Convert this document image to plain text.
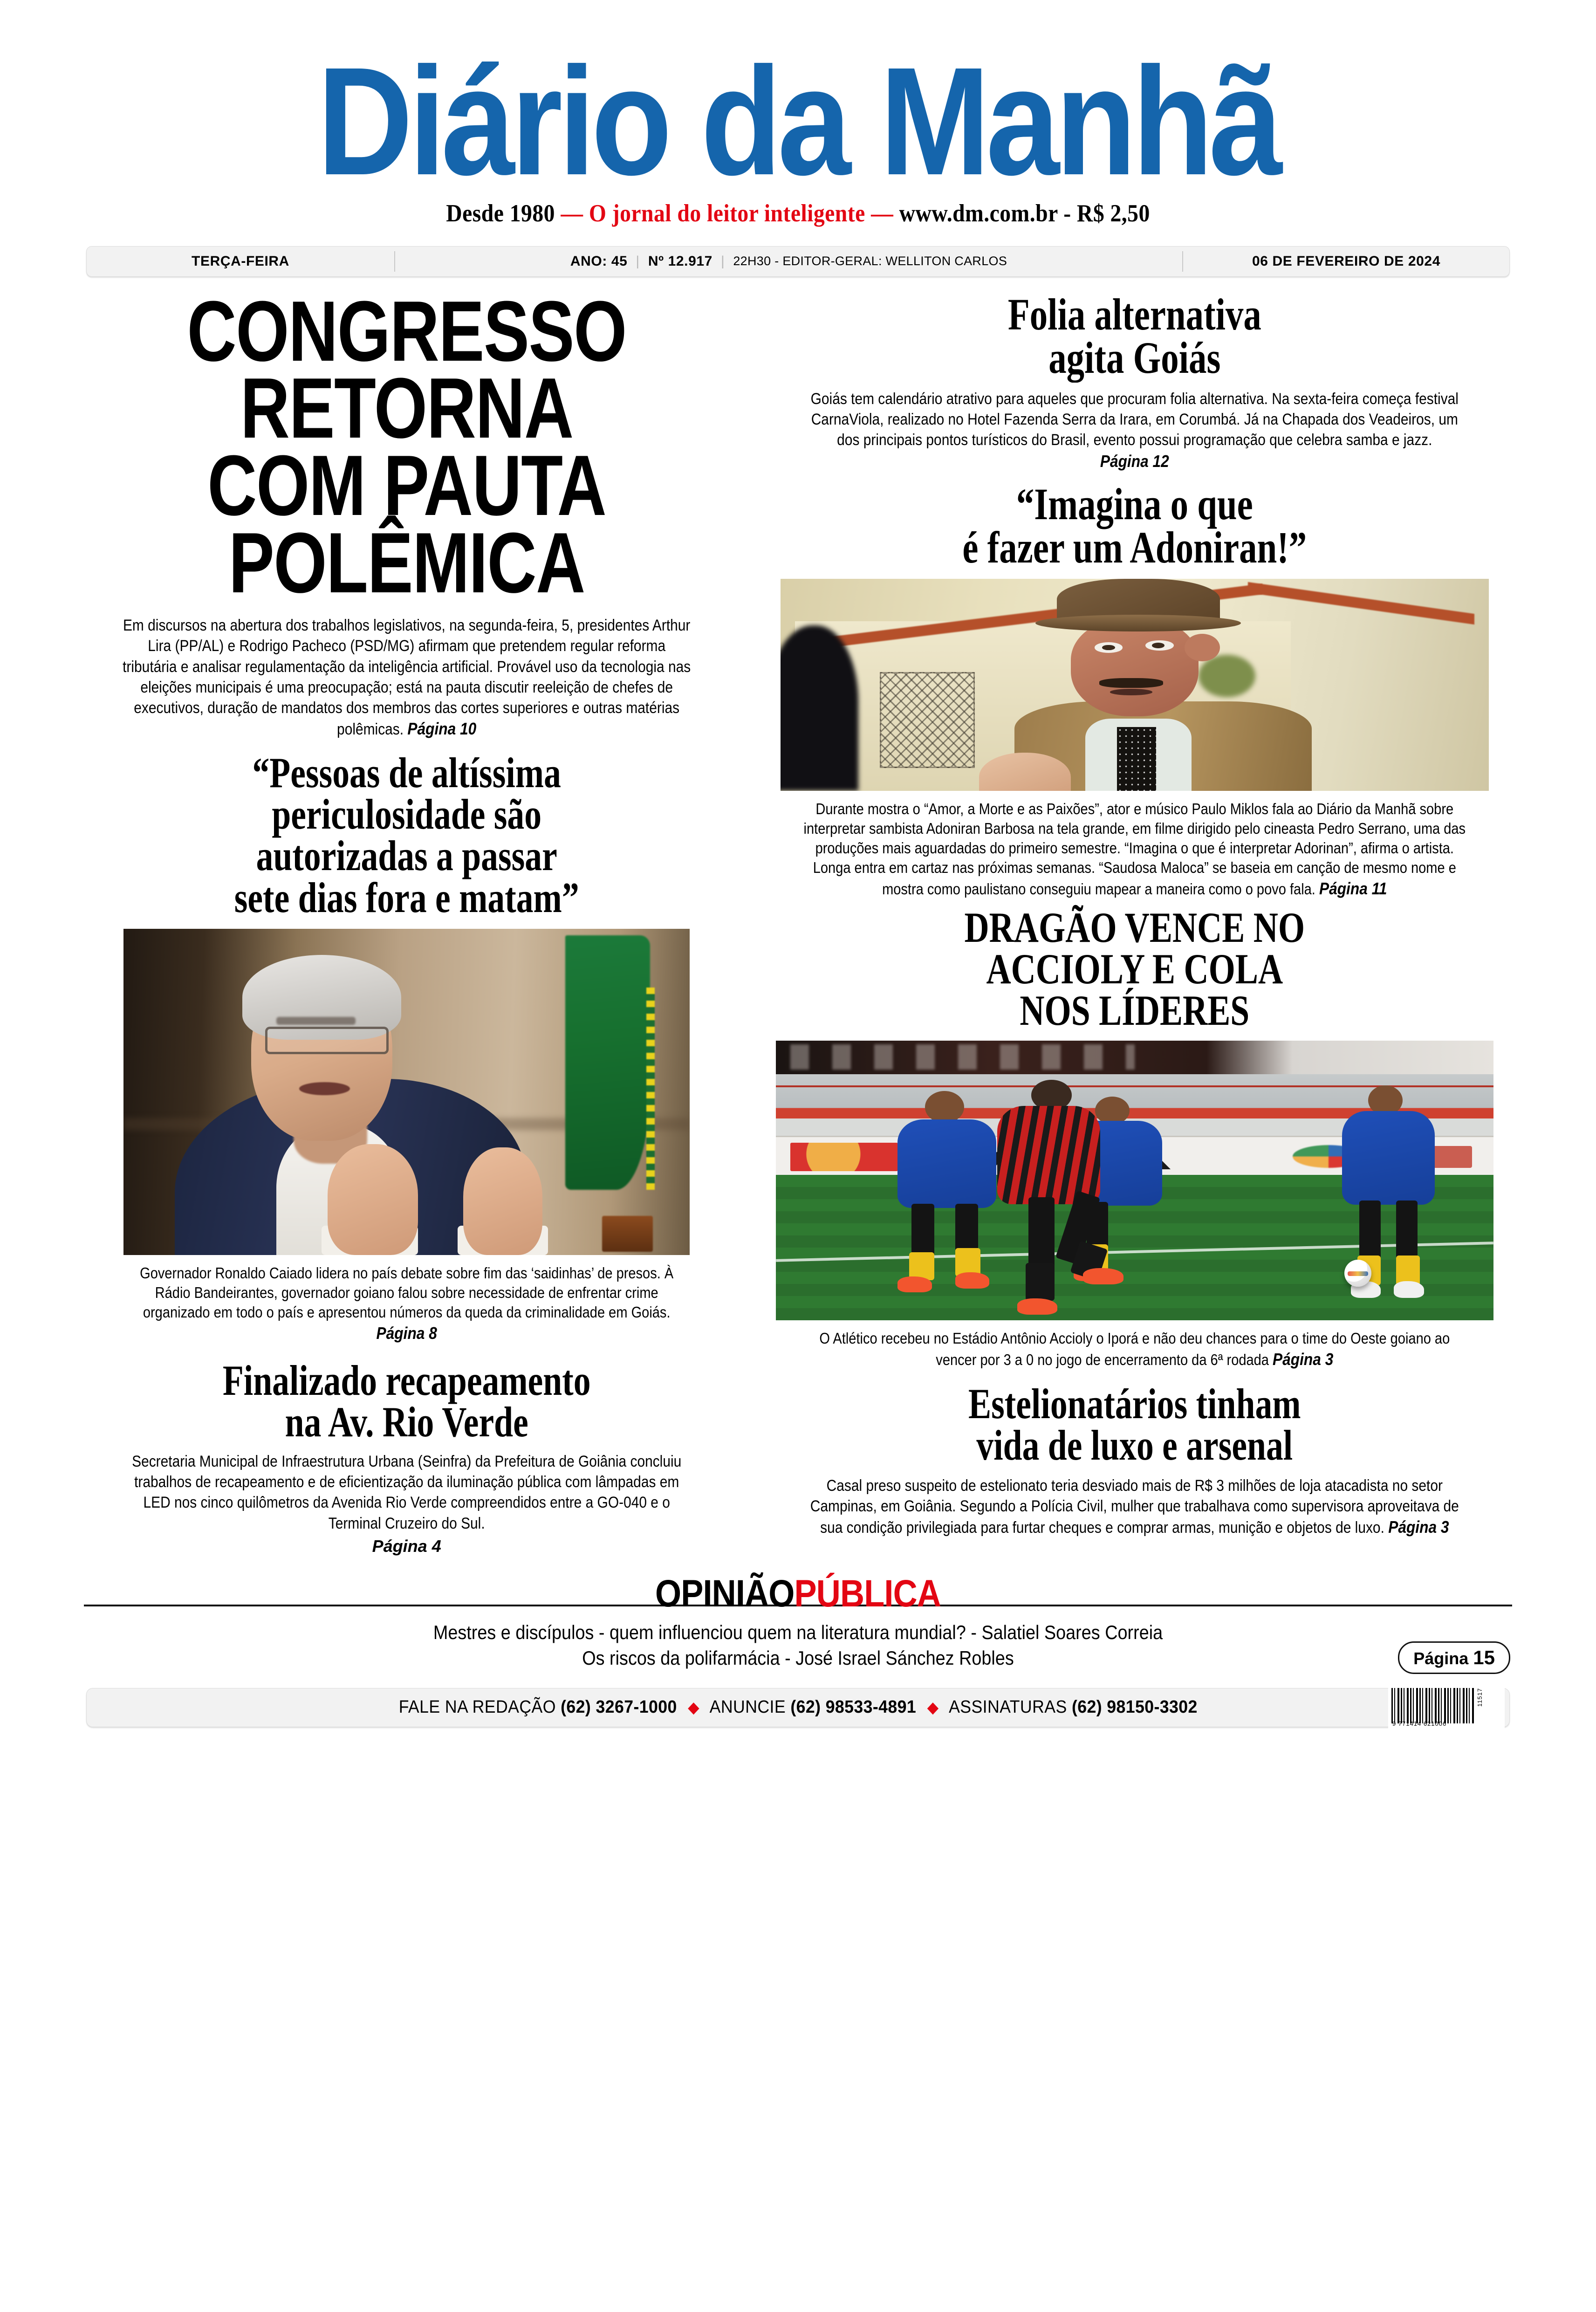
Diário da Manhã
Desde 1980 — O jornal do leitor inteligente — www.dm.com.br - R$ 2,50
TERÇA-FEIRA	ANO: 45 | Nº 12.917 | 22H30 - EDITOR-GERAL: WELLITON CARLOS	06 DE FEVEREIRO DE 2024
CONGRESSO
RETORNA
COM PAUTA
POLÊMICA

Em discursos na abertura dos trabalhos legislativos, na segunda-feira, 5, presidentes Arthur Lira (PP/AL) e Rodrigo Pacheco (PSD/MG) afirmam que pretendem regular reforma tributária e analisar regulamentação da inteligência artificial. Provável uso da tecnologia nas eleições municipais é uma preocupação; está na pauta discutir reeleição de chefes de executivos, duração de mandatos dos membros das cortes superiores e outras matérias polêmicas. Página 10

“Pessoas de altíssima
periculosidade são
autorizadas a passar
sete dias fora e matam”

Governador Ronaldo Caiado lidera no país debate sobre fim das ‘saidinhas’ de presos. À Rádio Bandeirantes, governador goiano falou sobre necessidade de enfrentar crime organizado em todo o país e apresentou números da queda da criminalidade em Goiás. Página 8

Finalizado recapeamento
na Av. Rio Verde

Secretaria Municipal de Infraestrutura Urbana (Seinfra) da Prefeitura de Goiânia concluiu trabalhos de recapeamento e de eficientização da iluminação pública com lâmpadas em LED nos cinco quilômetros da Avenida Rio Verde compreendidos entre a GO-040 e o Terminal Cruzeiro do Sul.

Página 4
Folia alternativa
agita Goiás

Goiás tem calendário atrativo para aqueles que procuram folia alternativa. Na sexta-feira começa festival CarnaViola, realizado no Hotel Fazenda Serra da Irara, em Corumbá. Já na Chapada dos Veadeiros, um dos principais pontos turísticos do Brasil, evento possui programação que celebra samba e jazz. Página 12

“Imagina o que
é fazer um Adoniran!”

Durante mostra o “Amor, a Morte e as Paixões”, ator e músico Paulo Miklos fala ao Diário da Manhã sobre interpretar sambista Adoniran Barbosa na tela grande, em filme dirigido pelo cineasta Pedro Serrano, uma das produções mais aguardadas do primeiro semestre. “Imagina o que é interpretar Adorinan”, afirma o artista. Longa entra em cartaz nas próximas semanas. “Saudosa Maloca” se baseia em canção de mesmo nome e mostra como paulistano conseguiu mapear a maneira como o povo fala. Página 11

DRAGÃO VENCE NO
ACCIOLY E COLA
NOS LÍDERES

O Atlético recebeu no Estádio Antônio Accioly o Iporá e não deu chances para o time do Oeste goiano ao vencer por 3 a 0 no jogo de encerramento da 6ª rodada Página 3

Estelionatários tinham
vida de luxo e arsenal

Casal preso suspeito de estelionato teria desviado mais de R$ 3 milhões de loja atacadista no setor Campinas, em Goiânia. Segundo a Polícia Civil, mulher que trabalhava como supervisora aproveitava de sua condição privilegiada para furtar cheques e comprar armas, munição e objetos de luxo. Página 3

OPINIÃOPÚBLICA
Mestres e discípulos - quem influenciou quem na literatura mundial? - Salatiel Soares Correia
Os riscos da polifarmácia - José Israel Sánchez Robles	Página 15
FALE NA REDAÇÃO (62) 3267-1000 ◆ ANUNCIE (62) 98533-4891 ◆ ASSINATURAS (62) 98150-3302
11517
9 771414 621006
